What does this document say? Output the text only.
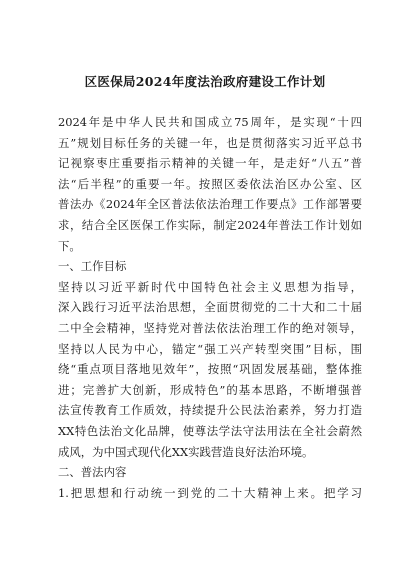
区医保局2024年度法治政府建设工作计划
2024年是中华人民共和国成立75周年，是实现“十四
五”规划目标任务的关键一年，也是贯彻落实习近平总书
记视察枣庄重要指示精神的关键一年，是走好“八五”普
法“后半程”的重要一年。按照区委依法治区办公室、区
普法办《2024年全区普法依法治理工作要点》工作部署要
求，结合全区医保工作实际，制定2024年普法工作计划如
下。
一、工作目标
坚持以习近平新时代中国特色社会主义思想为指导，
深入践行习近平法治思想，全面贯彻党的二十大和二十届
二中全会精神，坚持党对普法依法治理工作的绝对领导，
坚持以人民为中心，锚定“强工兴产转型突围”目标，围
绕“重点项目落地见效年”，按照“巩固发展基础，整体推
进；完善扩大创新，形成特色”的基本思路，不断增强普
法宣传教育工作质效，持续提升公民法治素养，努力打造
XX特色法治文化品牌，使尊法学法守法用法在全社会蔚然
成风，为中国式现代化XX实践营造良好法治环境。
二、普法内容
1.把思想和行动统一到党的二十大精神上来。把学习
